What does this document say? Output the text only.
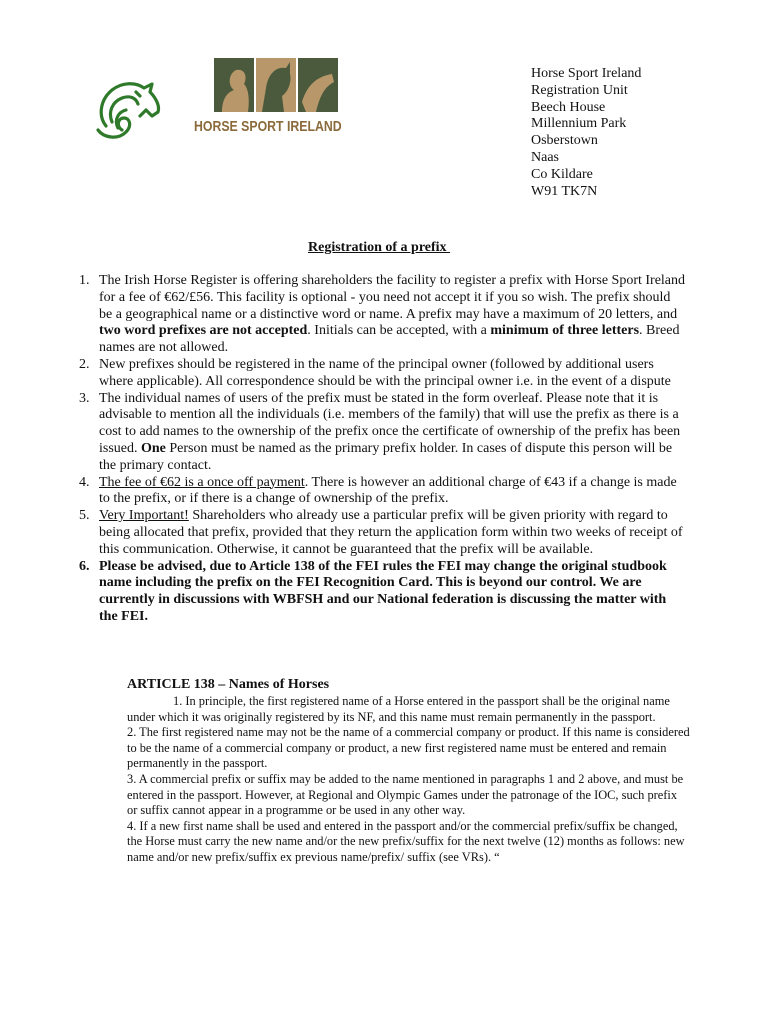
HORSE SPORT IRELAND
Horse Sport Ireland
Registration Unit
Beech House
Millennium Park
Osberstown
Naas
Co Kildare
W91 TK7N
Registration of a prefix
1. The Irish Horse Register is offering shareholders the facility to register a prefix with Horse Sport Ireland for a fee of €62/£56. This facility is optional - you need not accept it if you so wish. The prefix should be a geographical name or a distinctive word or name. A prefix may have a maximum of 20 letters, and two word prefixes are not accepted. Initials can be accepted, with a minimum of three letters. Breed names are not allowed.
2. New prefixes should be registered in the name of the principal owner (followed by additional users where applicable). All correspondence should be with the principal owner i.e. in the event of a dispute
3. The individual names of users of the prefix must be stated in the form overleaf. Please note that it is advisable to mention all the individuals (i.e. members of the family) that will use the prefix as there is a cost to add names to the ownership of the prefix once the certificate of ownership of the prefix has been issued. One Person must be named as the primary prefix holder. In cases of dispute this person will be the primary contact.
4. The fee of €62 is a once off payment. There is however an additional charge of €43 if a change is made to the prefix, or if there is a change of ownership of the prefix.
5. Very Important! Shareholders who already use a particular prefix will be given priority with regard to being allocated that prefix, provided that they return the application form within two weeks of receipt of this communication. Otherwise, it cannot be guaranteed that the prefix will be available.
6. Please be advised, due to Article 138 of the FEI rules the FEI may change the original studbook name including the prefix on the FEI Recognition Card. This is beyond our control. We are currently in discussions with WBFSH and our National federation is discussing the matter with the FEI.
ARTICLE 138 – Names of Horses

1. In principle, the first registered name of a Horse entered in the passport shall be the original name under which it was originally registered by its NF, and this name must remain permanently in the passport.

2. The first registered name may not be the name of a commercial company or product. If this name is considered to be the name of a commercial company or product, a new first registered name must be entered and remain permanently in the passport.

3. A commercial prefix or suffix may be added to the name mentioned in paragraphs 1 and 2 above, and must be entered in the passport. However, at Regional and Olympic Games under the patronage of the IOC, such prefix or suffix cannot appear in a programme or be used in any other way.

4. If a new first name shall be used and entered in the passport and/or the commercial prefix/suffix be changed, the Horse must carry the new name and/or the new prefix/suffix for the next twelve (12) months as follows: new name and/or new prefix/suffix ex previous name/prefix/ suffix (see VRs). “
